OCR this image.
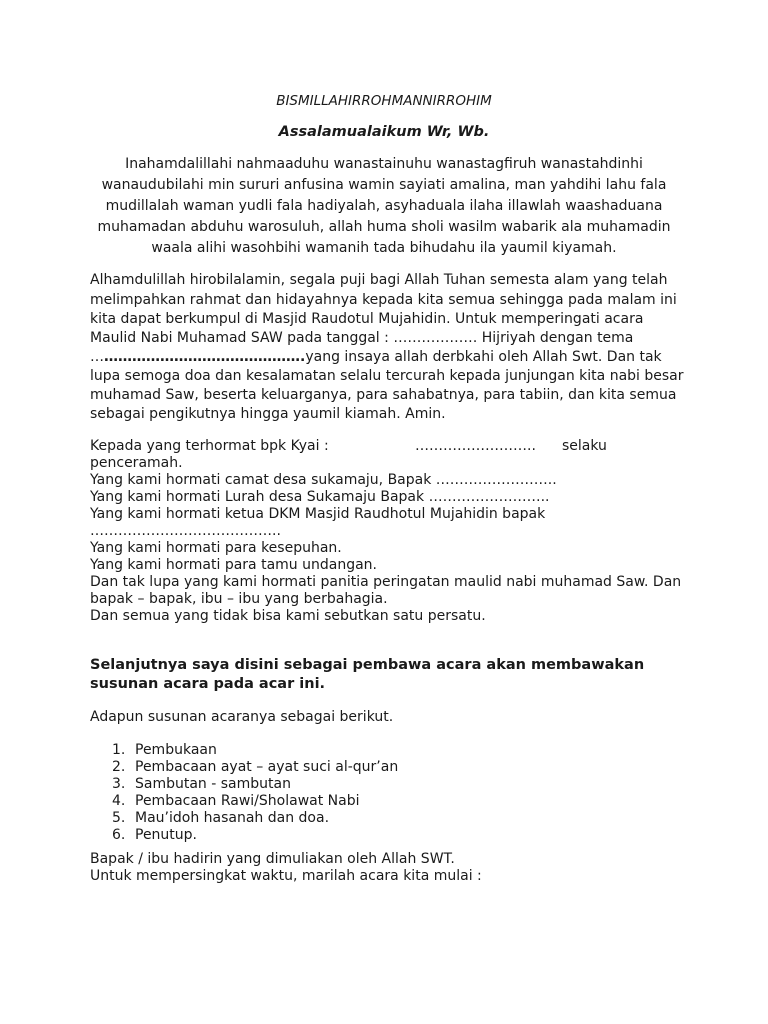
BISMILLAHIRROHMANNIRROHIM

Assalamualaikum Wr, Wb.

Inahamdalillahi nahmaaduhu wanastainuhu wanastagfiruh wanastahdinhi

wanaudubilahi min sururi anfusina wamin sayiati amalina, man yahdihi lahu fala

mudillalah waman yudli fala hadiyalah, asyhaduala ilaha illawlah waashaduana

muhamadan abduhu warosuluh, allah huma sholi wasilm wabarik ala muhamadin

waala alihi wasohbihi wamanih tada bihudahu ila yaumil kiyamah.

Alhamdulillah hirobilalamin, segala puji bagi Allah Tuhan semesta alam yang telah

melimpahkan rahmat dan hidayahnya kepada kita semua sehingga pada malam ini

kita dapat berkumpul di Masjid Raudotul Mujahidin. Untuk memperingati acara

Maulid Nabi Muhamad SAW pada tanggal : ……………… Hijriyah dengan tema

……………………………………….yang insaya allah derbkahi oleh Allah Swt. Dan tak

lupa semoga doa dan kesalamatan selalu tercurah kepada junjungan kita nabi besar

muhamad Saw, beserta keluarganya, para sahabatnya, para tabiin, dan kita semua

sebagai pengikutnya hingga yaumil kiamah. Amin.

Kepada yang terhormat bpk Kyai :	…………………….. selaku

penceramah.

Yang kami hormati camat desa sukamaju, Bapak ……………………..

Yang kami hormati Lurah desa Sukamaju Bapak ……………………..

Yang kami hormati ketua DKM Masjid Raudhotul Mujahidin bapak

…………………………………..

Yang kami hormati para kesepuhan.

Yang kami hormati para tamu undangan.

Dan tak lupa yang kami hormati panitia peringatan maulid nabi muhamad Saw. Dan

bapak – bapak, ibu – ibu yang berbahagia.

Dan semua yang tidak bisa kami sebutkan satu persatu.

Selanjutnya saya disini sebagai pembawa acara akan membawakan

susunan acara pada acar ini.

Adapun susunan acaranya sebagai berikut.

1. Pembukaan
2. Pembacaan ayat – ayat suci al-qur’an
3. Sambutan - sambutan
4. Pembacaan Rawi/Sholawat Nabi
5. Mau’idoh hasanah dan doa.
6. Penutup.

Bapak / ibu hadirin yang dimuliakan oleh Allah SWT.

Untuk mempersingkat waktu, marilah acara kita mulai :
